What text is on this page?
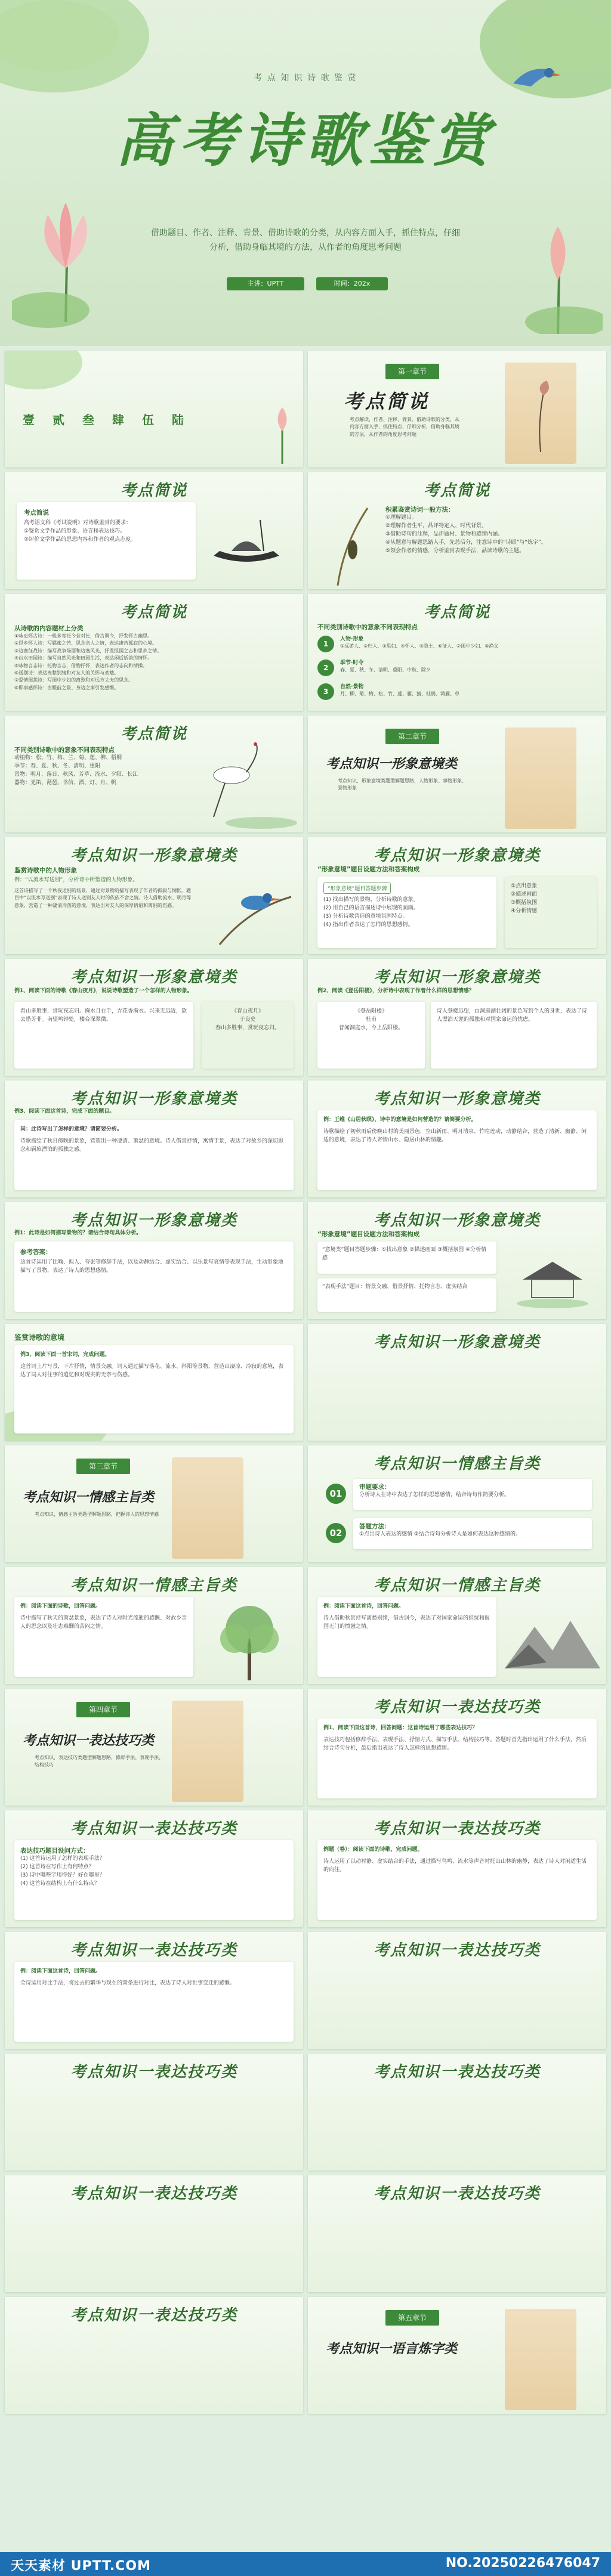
考 点 知 识 诗 歌 鉴 赏
高考诗歌鉴赏
借助题目、作者、注释、背景、借助诗歌的分类，从内容方面入手，抓住特点，仔细
分析，借助身临其境的方法，从作者的角度思考问题
主讲：UPTT	时间：202x
壹 贰 叁 肆 伍 陆
第一章节
考点简说
考点解读，作者、注释、背景、借助诗歌的分类，从内容方面入手，抓住特点，仔细分析，借助身临其境的方法，从作者的角度思考问题
考点简说
考点简说
高考语文科《考试说明》对诗歌鉴赏的要求：
①鉴赏文学作品的形象、语言和表达技巧。
②评价文学作品的思想内容和作者的观点态度。
考点简说
积累鉴赏诗词一般方法：
①理解题目。
②理解作者生平，品评特定人、时代背景。
③借助诗句的注释，品评题材、景物和感情内涵。
④从题意与解题思路入手，先总后分，注意诗中的“诗眼”与“炼字”。
⑤领会作者的情感，分析鉴赏表现手法，品读诗歌的主题。
考点简说
从诗歌的内容题材上分类
①咏史怀古诗：一般多寄托今昔对比，借古讽今，抒发怀古幽思。
②思乡怀人诗：写羁旅之苦、思念亲人之情，表达凄苦孤寂的心境。
③边塞征战诗：描写战争场面和边塞风光，抒发报国之志和思乡之情。
④山水田园诗：描写自然风光和田园生活，表达闲适恬淡的情怀。
⑤咏物言志诗：托物言志，借物抒怀，表达作者的志向和情操。
⑥送别诗：表达离愁别绪和对友人的关怀与劝勉。
⑦爱情闺怨诗：写闺中少妇的离愁和对远方丈夫的思念。
⑧即事感怀诗：由眼前之景、身边之事引发感慨。
考点简说
不同类别诗歌中的意象不同表现特点
1
人物·形象
①远游人、②归人、③思妇、④怀人、⑤隐士、⑥征人、⑦闺中少妇、⑧渔父
2
季节·时令
春、夏、秋、冬、清明、重阳、中秋、除夕
3
自然·景物
月、柳、菊、梅、松、竹、莲、雁、猿、杜鹃、鸿雁、草
考点简说
不同类别诗歌中的意象不同表现特点
动植物：松、竹、梅、兰、菊、莲、柳、梧桐
季节：春、夏、秋、冬、清明、重阳
景物：明月、落日、秋风、芳草、流水、夕阳、长江
器物：羌笛、琵琶、书信、酒、灯、舟、帆
第二章节
考点知识一形象意境类
考点知识，形象意境类题型解题思路，人物形象、事物形象、景物形象
考点知识一形象意境类
鉴赏诗歌中的人物形象
例：“以流水写送别”，分析诗中所塑造的人物形象。
这首诗描写了一个秋夜送别的场景，通过对景物的描写表现了作者的孤寂与惆怅。题目中“以流水写送别”表现了诗人送别友人时的依依不舍之情。诗人借助流水、明月等意象，营造了一种凄清冷落的意境，表达出对友人的深厚情谊和离别的伤感。
考点知识一形象意境类
“形象意境”题目设题方法和答案构成
“形象意境”题目答题步骤
(1) 找出描写的景物，分析诗歌的意象。
(2) 用自己的语言描述诗中展现的画面。
(3) 分析诗歌营造的意境氛围特点。
(4) 指出作者表达了怎样的思想感情。
①点出意象
②描述画面
③概括氛围
④分析情感
考点知识一形象意境类
例1、阅读下面的诗歌《春山夜月》，说说诗歌塑造了一个怎样的人物形象。
春山多胜事，赏玩夜忘归。掬水月在手，弄花香满衣。兴来无远近，欲去惜芳菲。南望鸣钟处，楼台深翠微。
《春山夜月》
于良史
春山多胜事，赏玩夜忘归。
考点知识一形象意境类
例2、阅读《登岳阳楼》，分析诗中表现了作者什么样的思想情感？
《登岳阳楼》
杜甫
昔闻洞庭水，今上岳阳楼。
诗人登楼远望，由洞庭湖壮阔的景色写到个人的身世，表达了诗人漂泊天涯的孤独和对国家命运的忧虑。
考点知识一形象意境类
例3、阅读下面这首诗，完成下面的题目。
问：此诗写出了怎样的意境？请简要分析。
诗歌描绘了秋日傍晚的景象，营造出一种凄清、萧瑟的意境。诗人借景抒情，寓情于景，表达了对故乡的深切思念和羁旅漂泊的孤独之感。
考点知识一形象意境类
例：王维《山居秋暝》，诗中的意境是如何营造的？请简要分析。
诗歌描绘了初秋雨后傍晚山村的美丽景色，空山新雨、明月清泉、竹喧莲动，动静结合，营造了清新、幽静、闲适的意境，表达了诗人寄情山水、隐居山林的情趣。
考点知识一形象意境类
例1：此诗是如何描写景物的？请结合诗句具体分析。
参考答案：
这首诗运用了比喻、拟人、夸张等修辞手法，以及动静结合、虚实结合、以乐景写哀情等表现手法，生动形象地描写了景物，表达了诗人的思想感情。
考点知识一形象意境类
“形象意境”题目设题方法和答案构成
“意境类”题目答题步骤：①找出意象 ②描述画面 ③概括氛围 ④分析情感
“表现手法”题目：情景交融、借景抒情、托物言志、虚实结合
鉴赏诗歌的意境
例3、阅读下面一首宋词，完成问题。
这首词上片写景，下片抒情，情景交融。词人通过描写落花、流水、斜阳等景物，营造出凄凉、冷寂的意境，表达了词人对往事的追忆和对现实的无奈与伤感。
考点知识一形象意境类
第三章节
考点知识一情感主旨类
考点知识，情感主旨类题型解题思路，把握诗人的思想情感
考点知识一情感主旨类
01
审题要求：
分析诗人在诗中表达了怎样的思想感情，结合诗句作简要分析。
02
答题方法：
①点出诗人表达的感情 ②结合诗句分析诗人是如何表达这种感情的。
考点知识一情感主旨类
例：阅读下面的诗歌，回答问题。
诗中描写了秋天的萧瑟景象，表达了诗人对时光流逝的感慨、对故乡亲人的思念以及壮志难酬的苦闷之情。
考点知识一情感主旨类
例：阅读下面这首诗，回答问题。
诗人借助秋景抒写离愁别绪，借古讽今，表达了对国家命运的担忧和报国无门的愤懑之情。
第四章节
考点知识一表达技巧类
考点知识，表达技巧类题型解题思路，修辞手法、表现手法、结构技巧
考点知识一表达技巧类
例1、阅读下面这首诗，回答问题：这首诗运用了哪些表达技巧？
表达技巧包括修辞手法、表现手法、抒情方式、描写手法、结构技巧等。答题时首先指出运用了什么手法，然后结合诗句分析，最后指出表达了诗人怎样的思想感情。
考点知识一表达技巧类
表达技巧题目设问方式：
(1) 这首诗运用了怎样的表现手法？
(2) 这首诗在写作上有何特点？
(3) 诗中哪些字用得好？好在哪里？
(4) 这首诗在结构上有什么特点？
考点知识一表达技巧类
例题（卷）：阅读下面的诗歌，完成问题。
诗人运用了以动衬静、虚实结合的手法，通过描写鸟鸣、流水等声音衬托出山林的幽静，表达了诗人对闲适生活的向往。
考点知识一表达技巧类
例：阅读下面这首诗，回答问题。
全诗运用对比手法，将过去的繁华与现在的萧条进行对比，表达了诗人对世事变迁的感慨。
考点知识一表达技巧类
考点知识一表达技巧类	考点知识一表达技巧类
考点知识一表达技巧类	考点知识一表达技巧类
考点知识一表达技巧类	第五章节
考点知识一语言炼字类
天天素材 UPTT.COM	NO.20250226476047
